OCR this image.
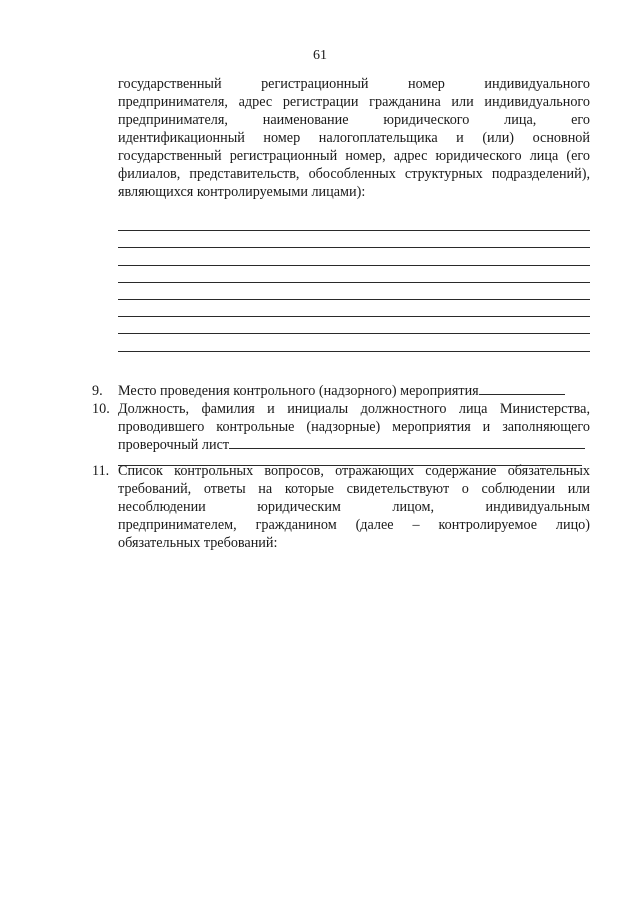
61
государственный регистрационный номер индивидуального
предпринимателя, адрес регистрации гражданина или индивидуального
предпринимателя, наименование юридического лица, его
идентификационный номер налогоплательщика и (или) основной
государственный регистрационный номер, адрес юридического лица (его
филиалов, представительств, обособленных структурных подразделений),
являющихся контролируемыми лицами):
9.	Место проведения контрольного (надзорного) мероприятия
10. Должность, фамилия и инициалы должностного лица Министерства,
проводившего контрольные (надзорные) мероприятия и заполняющего
проверочный лист
11. Список контрольных вопросов, отражающих содержание обязательных
требований, ответы на которые свидетельствуют о соблюдении или
несоблюдении юридическим лицом, индивидуальным
предпринимателем, гражданином (далее – контролируемое лицо)
обязательных требований:
